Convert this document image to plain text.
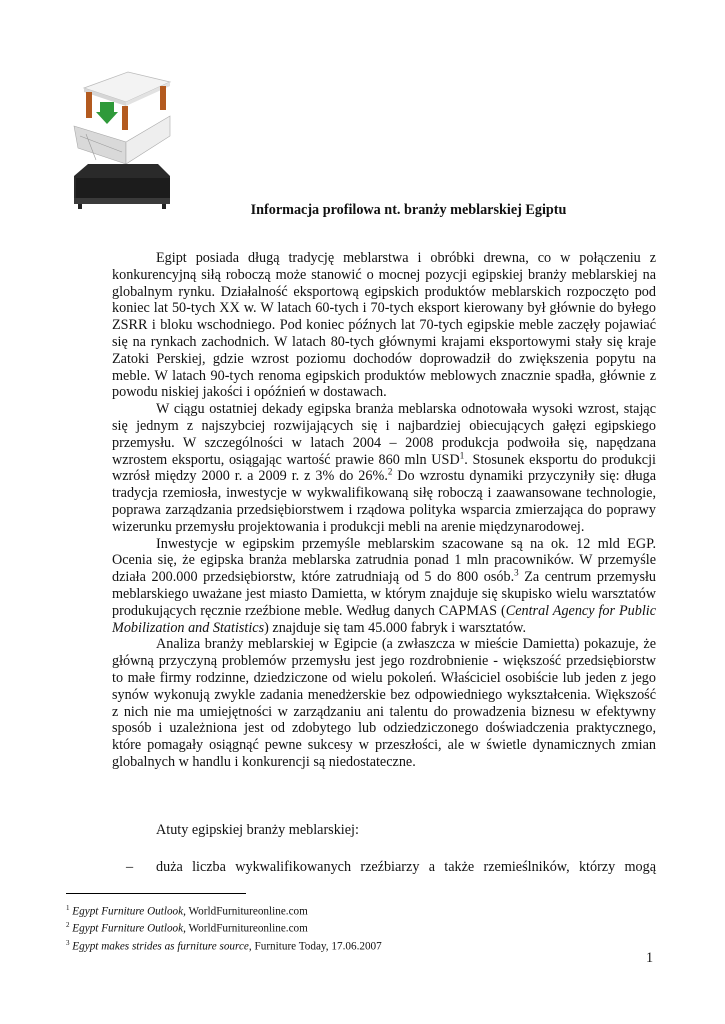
Informacja profilowa nt. branży meblarskiej Egiptu

Egipt posiada długą tradycję meblarstwa i obróbki drewna, co w połączeniu z konkurencyjną siłą roboczą może stanowić o mocnej pozycji egipskiej branży meblarskiej na globalnym rynku. Działalność eksportową egipskich produktów meblarskich rozpoczęto pod koniec lat 50-tych XX w. W latach 60-tych i 70-tych eksport kierowany był głównie do byłego ZSRR i bloku wschodniego. Pod koniec późnych lat 70-tych egipskie meble zaczęły pojawiać się na rynkach zachodnich. W latach 80-tych głównymi krajami eksportowymi stały się kraje Zatoki Perskiej, gdzie wzrost poziomu dochodów doprowadził do zwiększenia popytu na meble. W latach 90-tych renoma egipskich produktów meblowych znacznie spadła, głównie z powodu niskiej jakości i opóźnień w dostawach.

W ciągu ostatniej dekady egipska branża meblarska odnotowała wysoki wzrost, stając się jednym z najszybciej rozwijających się i najbardziej obiecujących gałęzi egipskiego przemysłu. W szczególności w latach 2004 – 2008 produkcja podwoiła się, napędzana wzrostem eksportu, osiągając wartość prawie 860 mln USD$^1$. Stosunek eksportu do produkcji wzrósł między 2000 r. a 2009 r. z 3% do 26%.$^2$ Do wzrostu dynamiki przyczyniły się: długa tradycja rzemiosła, inwestycje w wykwalifikowaną siłę roboczą i zaawansowane technologie, poprawa zarządzania przedsiębiorstwem i rządowa polityka wsparcia zmierzająca do poprawy wizerunku przemysłu projektowania i produkcji mebli na arenie międzynarodowej.

Inwestycje w egipskim przemyśle meblarskim szacowane są na ok. 12 mld EGP. Ocenia się, że egipska branża meblarska zatrudnia ponad 1 mln pracowników. W przemyśle działa 200.000 przedsiębiorstw, które zatrudniają od 5 do 800 osób.$^3$ Za centrum przemysłu meblarskiego uważane jest miasto Damietta, w którym znajduje się skupisko wielu warsztatów produkujących ręcznie rzeźbione meble. Według danych CAPMAS (Central Agency for Public Mobilization and Statistics) znajduje się tam 45.000 fabryk i warsztatów.

Analiza branży meblarskiej w Egipcie (a zwłaszcza w mieście Damietta) pokazuje, że główną przyczyną problemów przemysłu jest jego rozdrobnienie - większość przedsiębiorstw to małe firmy rodzinne, dziedziczone od wielu pokoleń. Właściciel osobiście lub jeden z jego synów wykonują zwykle zadania menedżerskie bez odpowiedniego wykształcenia. Większość z nich nie ma umiejętności w zarządzaniu ani talentu do prowadzenia biznesu w efektywny sposób i uzależniona jest od zdobytego lub odziedziczonego doświadczenia praktycznego, które pomagały osiągnąć pewne sukcesy w przeszłości, ale w świetle dynamicznych zmian globalnych w handlu i konkurencji są niedostateczne.

Atuty egipskiej branży meblarskiej:
– duża liczba wykwalifikowanych rzeźbiarzy a także rzemieślników, którzy mogą
$^1$ Egypt Furniture Outlook, WorldFurnitureonline.com
$^2$ Egypt Furniture Outlook, WorldFurnitureonline.com
$^3$ Egypt makes strides as furniture source, Furniture Today, 17.06.2007
1
